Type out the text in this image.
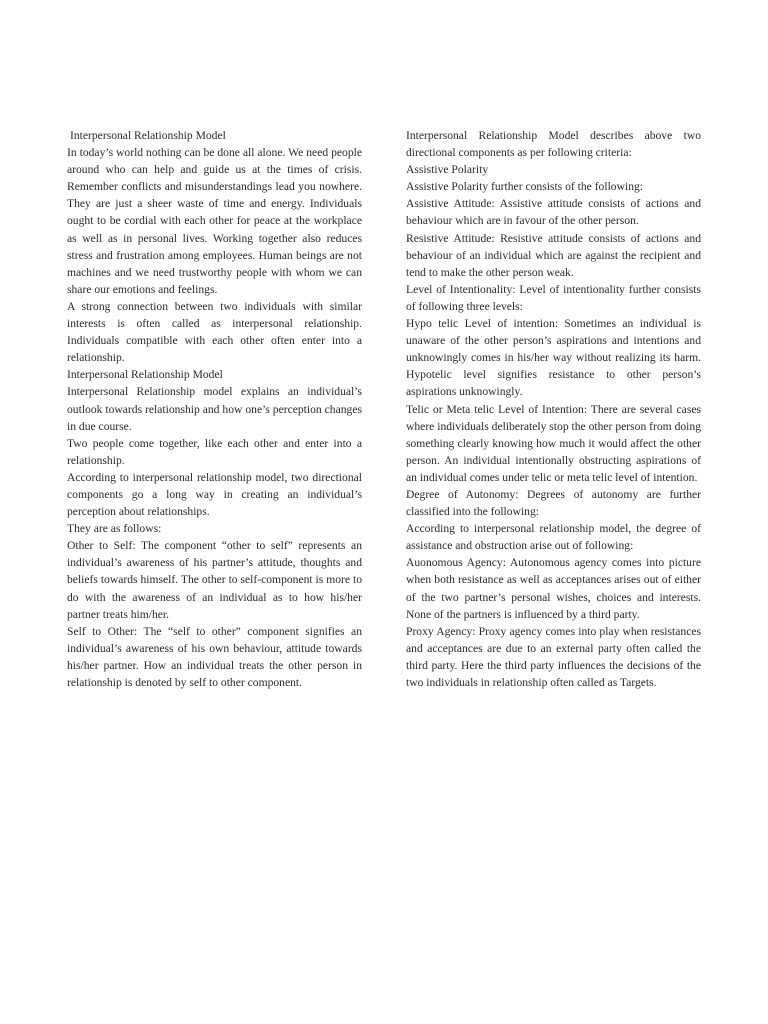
Interpersonal Relationship Model

In today’s world nothing can be done all alone. We need people around who can help and guide us at the times of crisis. Remember conflicts and misunderstandings lead you nowhere. They are just a sheer waste of time and energy. Individuals ought to be cordial with each other for peace at the workplace as well as in personal lives. Working together also reduces stress and frustration among employees. Human beings are not machines and we need trustworthy people with whom we can share our emotions and feelings.

A strong connection between two individuals with similar interests is often called as interpersonal relationship. Individuals compatible with each other often enter into a relationship.

Interpersonal Relationship Model

Interpersonal Relationship model explains an individual’s outlook towards relationship and how one’s perception changes in due course.

Two people come together, like each other and enter into a relationship.

According to interpersonal relationship model, two directional components go a long way in creating an individual’s perception about relationships.

They are as follows:

Other to Self: The component “other to self” represents an individual’s awareness of his partner’s attitude, thoughts and beliefs towards himself. The other to self-component is more to do with the awareness of an individual as to how his/her partner treats him/her.

Self to Other: The “self to other” component signifies an individual’s awareness of his own behaviour, attitude towards his/her partner. How an individual treats the other person in relationship is denoted by self to other component.

Interpersonal Relationship Model describes above two directional components as per following criteria:

Assistive Polarity

Assistive Polarity further consists of the following:

Assistive Attitude: Assistive attitude consists of actions and behaviour which are in favour of the other person.

Resistive Attitude: Resistive attitude consists of actions and behaviour of an individual which are against the recipient and tend to make the other person weak.

Level of Intentionality: Level of intentionality further consists of following three levels:

Hypo telic Level of intention: Sometimes an individual is unaware of the other person’s aspirations and intentions and unknowingly comes in his/her way without realizing its harm. Hypotelic level signifies resistance to other person’s aspirations unknowingly.

Telic or Meta telic Level of Intention: There are several cases where individuals deliberately stop the other person from doing something clearly knowing how much it would affect the other person. An individual intentionally obstructing aspirations of an individual comes under telic or meta telic level of intention.

Degree of Autonomy: Degrees of autonomy are further classified into the following:

According to interpersonal relationship model, the degree of assistance and obstruction arise out of following:

Auonomous Agency: Autonomous agency comes into picture when both resistance as well as acceptances arises out of either of the two partner’s personal wishes, choices and interests. None of the partners is influenced by a third party.

Proxy Agency: Proxy agency comes into play when resistances and acceptances are due to an external party often called the third party. Here the third party influences the decisions of the two individuals in relationship often called as Targets.
